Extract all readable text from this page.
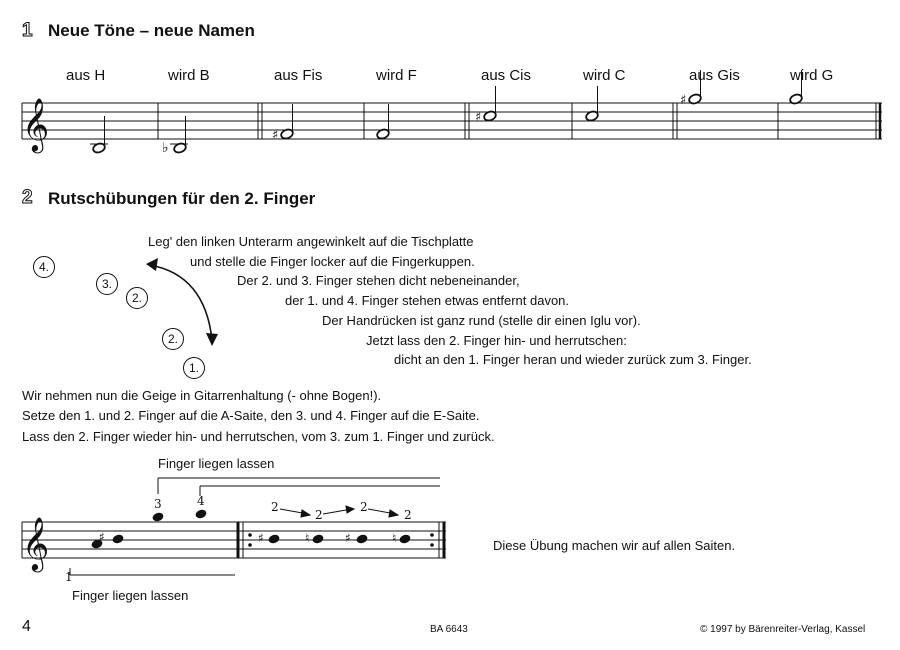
1 Neue Töne – neue Namen
aus H	wird B	aus Fis	wird F	aus Cis	wird C	aus Gis	wird G
𝄞	♭
♯
♯
♯
2 Rutschübungen für den 2. Finger
4.
3.
2.
2.
1.
Leg' den linken Unterarm angewinkelt auf die Tischplatte
und stelle die Finger locker auf die Fingerkuppen.
Der 2. und 3. Finger stehen dicht nebeneinander,
der 1. und 4. Finger stehen etwas entfernt davon.
Der Handrücken ist ganz rund (stelle dir einen Iglu vor).
Jetzt lass den 2. Finger hin- und herrutschen:
dicht an den 1. Finger heran und wieder zurück zum 3. Finger.
Wir nehmen nun die Geige in Gitarrenhaltung (- ohne Bogen!).
Setze den 1. und 2. Finger auf die A-Saite, den 3. und 4. Finger auf die E-Saite.
Lass den 2. Finger wieder hin- und herrutschen, vom 3. zum 1. Finger und zurück.
Finger liegen lassen
Finger liegen lassen
Diese Übung machen wir auf allen Saiten.
𝄞	♯	♯	♮	♯	♮
1
3	4	2
2
2
2
4	BA 6643	© 1997 by Bärenreiter-Verlag, Kassel
